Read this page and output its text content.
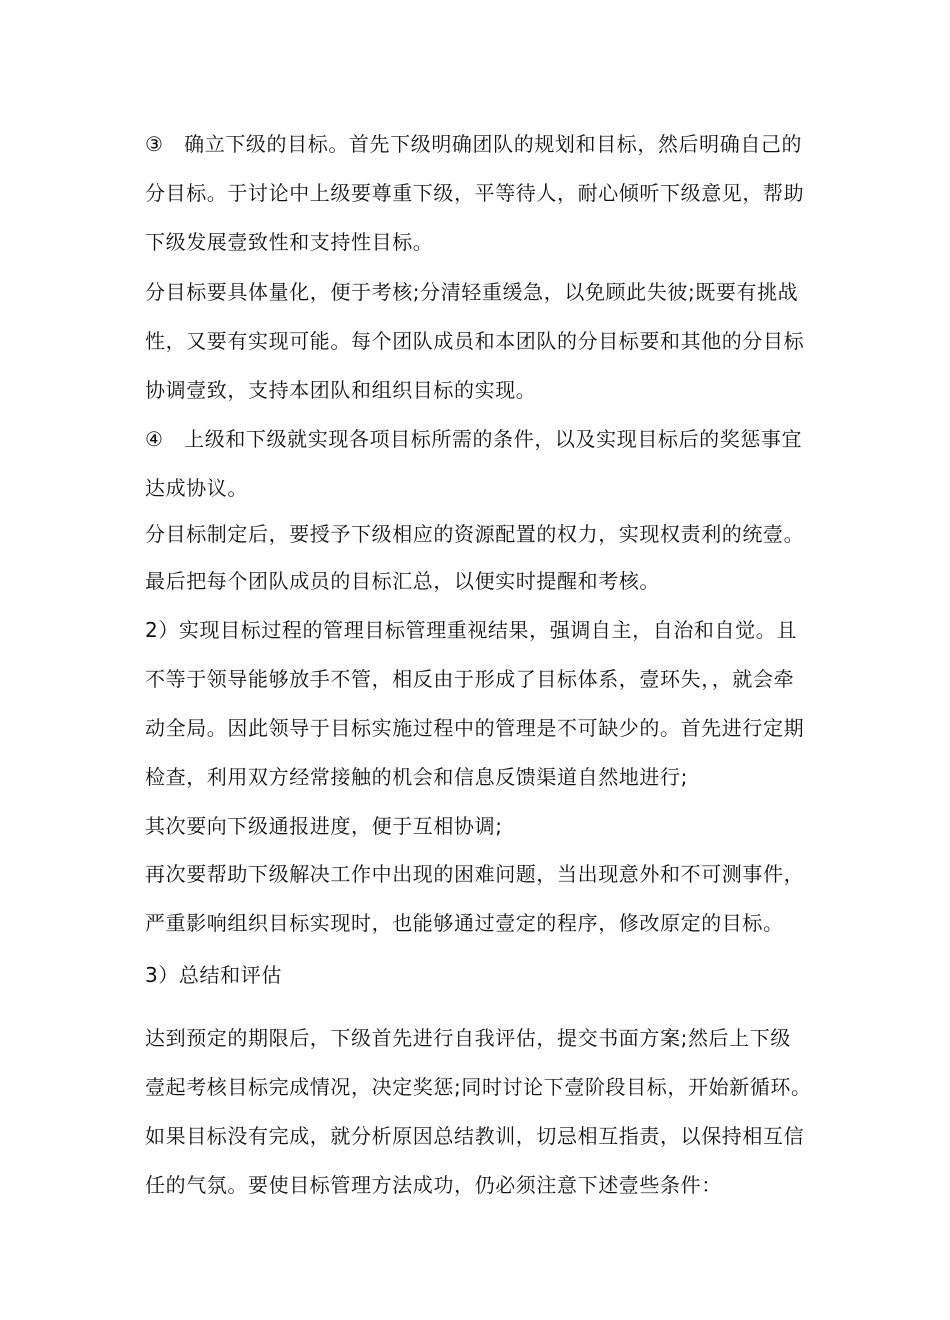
③　确立下级的目标。首先下级明确团队的规划和目标，然后明确自己的

分目标。于讨论中上级要尊重下级，平等待人，耐心倾听下级意见，帮助

下级发展壹致性和支持性目标。

分目标要具体量化，便于考核;分清轻重缓急，以免顾此失彼;既要有挑战

性，又要有实现可能。每个团队成员和本团队的分目标要和其他的分目标

协调壹致，支持本团队和组织目标的实现。

④　上级和下级就实现各项目标所需的条件，以及实现目标后的奖惩事宜

达成协议。

分目标制定后，要授予下级相应的资源配置的权力，实现权责利的统壹。

最后把每个团队成员的目标汇总，以便实时提醒和考核。

2）实现目标过程的管理目标管理重视结果，强调自主，自治和自觉。且

不等于领导能够放手不管，相反由于形成了目标体系，壹环失，，就会牵

动全局。因此领导于目标实施过程中的管理是不可缺少的。首先进行定期

检查，利用双方经常接触的机会和信息反馈渠道自然地进行;

其次要向下级通报进度，便于互相协调;

再次要帮助下级解决工作中出现的困难问题，当出现意外和不可测事件，

严重影响组织目标实现时，也能够通过壹定的程序，修改原定的目标。

3）总结和评估

达到预定的期限后，下级首先进行自我评估，提交书面方案;然后上下级

壹起考核目标完成情况，决定奖惩;同时讨论下壹阶段目标，开始新循环。

如果目标没有完成，就分析原因总结教训，切忌相互指责，以保持相互信

任的气氛。要使目标管理方法成功，仍必须注意下述壹些条件：
